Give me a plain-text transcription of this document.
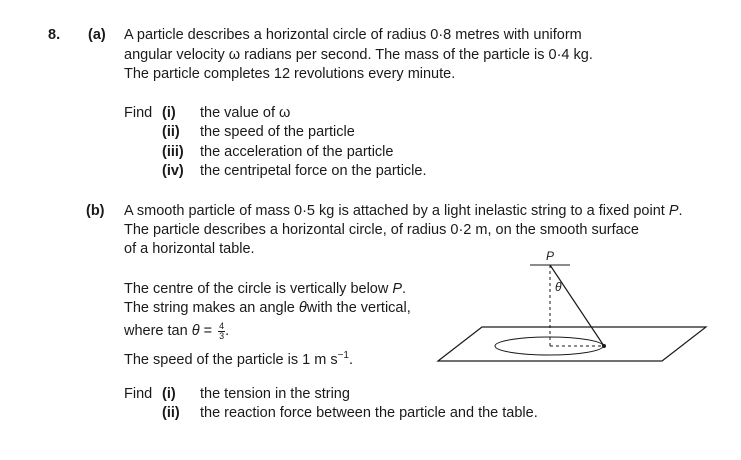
8. (a) A particle describes a horizontal circle of radius 0·8 metres with uniform
angular velocity ω radians per second. The mass of the particle is 0·4 kg.
The particle completes 12 revolutions every minute.
Find (i) the value of ω
(ii) the speed of the particle
(iii) the acceleration of the particle
(iv) the centripetal force on the particle.
(b) A smooth particle of mass 0·5 kg is attached by a light inelastic string to a fixed point P.
The particle describes a horizontal circle, of radius 0·2 m, on the smooth surface
of a horizontal table.
The centre of the circle is vertically below P.
The string makes an angle θwith the vertical,
where $\tan \theta = \frac{4}{3}$ .
The speed of the particle is 1 m $s^{-1}$.
Find (i) the tension in the string
(ii) the reaction force between the particle and the table.
P
θ
